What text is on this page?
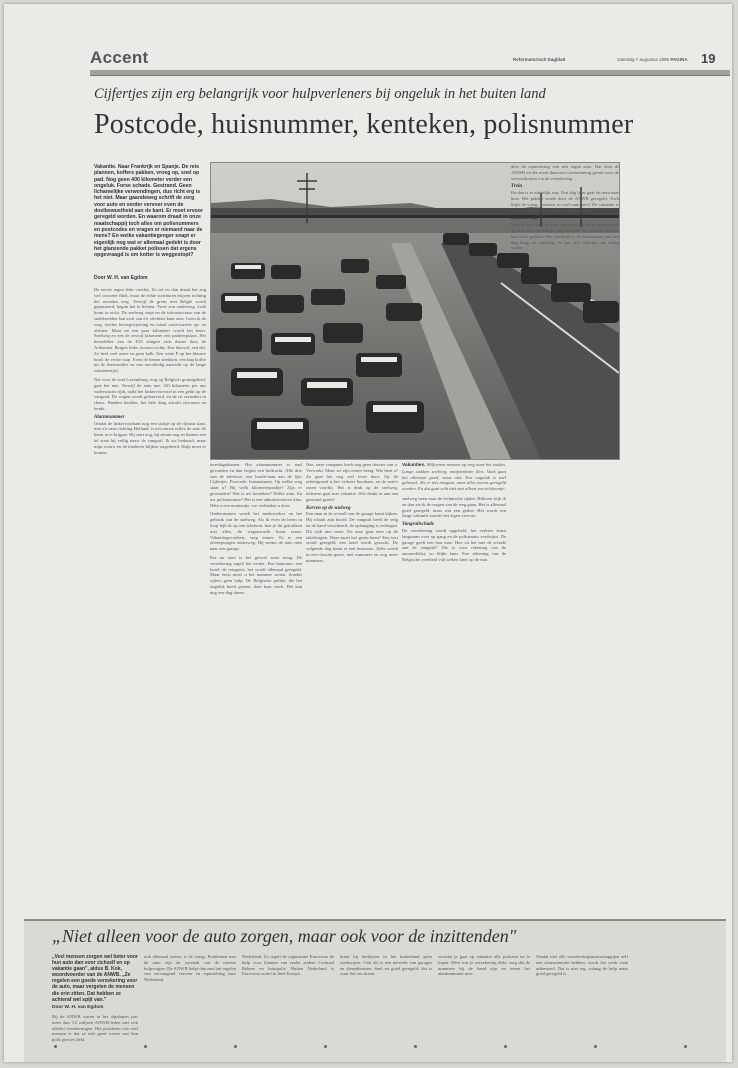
Accent	Reformatorisch Dagblad	zaterdag 7 augustus 1999 PAGINA 19
Cijfertjes zijn erg belangrijk voor hulpverleners bij ongeluk in het buiten land
Postcode, huisnummer, kenteken, polisnummer
Vakantie. Naar Frankrijk en Spanje. De reis plannen, koffers pakken, vroeg op, snel op pad. Nog geen 400 kilometer verder een ongeluk. Forse schade. Gestrand. Geen lichamelijke verwondingen, dus richt erg is het niet. Maar gaandeweg schrift de zorg voor auto en verder vervoer even de doelbewustheid aan de kant. Er moet ervoor geregeld worden. En waarom draait in onze maatschappij toch alles om polisnummers en postcodes en vragen er niemand naar de mens? En welke vakantiegenger snapt er eigenlijk nog wat er allemaal gedekt is door het glanzende pakket polissen dat ergens opgevraagd is om kotter is weggestopt?
Door W. H. van Egdom

De eerste regen liekt voorbij. Zo rol en dan draait het zog wel concrete flink, maar de echte stortbuien drijven richting het noorden weg. Terwijl de grens met België wordt gepasseerd, begint het te lichten. Twee zon onderweg. Luik komt in zicht. De snelweg stopt en de infrastructuur van de stadsbeelden laat zich van z'n slechtste kant zien. Geen ik de weg, slechts bewegwijzering en totaal onverwachte op- en afritten. Maar na een paar kilometer wordt het beter. Snelweg en een de zesvijf kilometer een parkeerplaats. Het hemeldlier van de E25 slingert zich dwars door de Ardennen. Bergen links, bossen rechts. Een huisvol, een dal. Zo heel veel meer en geen balk. Een witte P op het blauwe bord: de eerste stop. Even de benen strekken, een hap koffie uit de thermosfles en een onvolledig aanzicht op de lange vakantierijrij.

Net voor de stad Luxemburg, nog op Belgisch grondgebied, gaat het mis. Terwijl de auto met 120 kilometer per uur vaderwaarts rijdt, raakt het linkervoorwiel in een gebit op de vangrail. De wagen wordt gelanceerd, en de rit verandert in chaos. Banden knallen, het hele ding schuift zijwaarts en bonkt.

Alarmnummer

Omdat de linkervoorkant nog een stukje op de rijbaan staat, met z'n neus richting Holland, is m'n eerste reflex de auto de berm in te krijgen. Hij start nog, hij steunt nog en binnen een tel staat hij veilig naast de vangrail. Ik sta beduusd, maar mijn vrouw en de kinderen blijken ongedeerd. Hulp moet er komen.

terechtgekomen. Het alarmnummer is snel gevonden en dan begint een hoffracht. Alle drie van de telefoon: een hoofd-man aan de lijn. Cijfertjes. Postcode, huisnummer. Op welke weg staat u? Bij welk kilometerpaaltje? Zijn er gewonden? Wat is uw kenteken? Welke auto. En uw polisnummer? Het is een administratieve klus. Hebt u een momentje, we verbinden u door.

Onderonsmen wordt het medewerker en het gebruik van de snelweg. Als ik even de berm in loop kijk ik op een telefoon: ben je dit getrokken met alles, de wegenwacht komt eraan. Vakantiegevoelens, weg ermee. Er is een afsleepwagen onderweg. Hij neemt de auto mee naar een garage.

Pas na uren is het gevoel weer terug. De verzekering regelt het verder. Een huurauto, een hotel, de terugreis, het wordt allemaal geregeld. Maar eerst moet u het nummer weten. Zonder cijfers geen hulp. De Belgische politie, die het ongeluk heeft gezien, doet haar werk. Het kan nog een dag duren.

Nee, onze computer heeft nog geen dossier van u. Verwerkt. Maar we zijn ermee bezig. Wie bent u? Zo gaat het nog wel even door. Op de achtergrond is het verkeer hoorbaar, en de auto's razen voorbij. Het is druk op de snelweg, iedereen gaat met vakantie. Wie denkt er aan een gestrand gezin?

Kerven op de snelweg

Een man in de overall van de garage komt kijken. Hij schudt zijn hoofd. De vangrail heeft de velg en de band verscheurd, de ophanging is verbogen. Dit rijdt niet meer. De auto gaat mee op de takelwagen. Waar moet het gezin heen? Een taxi wordt geregeld, een hotel wordt gezocht. De volgende dag komt er een huurauto. Alles wordt in een dossier gezet, met nummers en nog meer nummers.

Vakanties. Miljoenen mensen op weg naar het zuiden. Lange stukken snelweg, onafzienbare files. Vaak gaat het allemaal goed, soms niet. Een ongeluk is snel gebeurd. Als er iets misgaat, moet alles ineens geregeld worden. En dat gaat echt niet met alleen een telefoontje.

snelweg heen naar de technische rijden. Blikvast kijk ik en dan zie ik de wagen van de weg gaan. Het is allemaal goed geregeld, maar wat een gedoe. Het wordt een lange vakantie zonder het eigen vervoer.

Vangrailschade

De verzekering wordt opgebeld, het verkeer komt langzaam over op gang en de politieauto verdwijnt. De garage geeft een bon mee. Hoe zit het met de schade aan de vangrail? Die is voor rekening van de automobilist, zo blijkt later. Een rekening van de Belgische overheid valt weken later op de mat.

dere de repatriëring van m'n eigen auto. Dat doet de ANWB en die moet daarvoor toestemming geven voor de vervoerkosten via de verzekering.

Trein

En dan is er eindelijk rust. Een dag later gaat de trein naar huis. Het pakket wordt door de ANWB geregeld. Toch blijft de vraag: waarom zo veel nummers? De vakantie is voorbij voordat hij goed en wel begonnen is.

Repatriëring

Weken later staat de auto weer voor de deur, gerepareerd en wel. De rekeningen zijn betaald, de polissen hebben hun werk gedaan. Wat overblijft is de herinnering aan een dag langs de snelweg, en aan alle cijfertjes die nodig waren.

„Niet alleen voor de auto zorgen, maar ook voor de inzittenden"
„Veel mensen zorgen wel beter voor hun auto dan voor zichzelf en op vakantie gaan", aldus B. Kok, woordvoerder van de ANWB. „Ze regelen een goede verzekering voor de auto, maar vergeten de mensen die erin zitten. Dat hebben ze achteraf wel spijt van."
Door W. H. van Egdom
Bij de ANWB waren in het afgelopen jaar meer dan 3,5 miljoen ANWB-leden met ook allerlei verzekeringen. Het probleem van veel mensen is dat ze niet goed weten wat hun polis precies dekt.
ook allemaal weten, is de vraag. Problemen met de auto zijn de oorzaak van de meeste hulpvragen. De ANWB helpt dan met het regelen van vervangend vervoer en repatriëring naar Nederland.
Nederland. Zo regelt de organisatie Eurocross de hulp voor klanten van onder andere Centraal Beheer en Interpolis. Buiten Nederland is Eurocross actief in heel Europa.
krent bij bedrijven in het buitenland geen werkwijzer. Ook dit is een netwerk van garages en sleepdiensten. Snel en goed geregeld: dat is waar het om draait.
voordat je gaat op vakantie alle polissen na te lopen. Weet wat je verzekering dekt, zorg dat de nummers bij de hand zijn en neem het alarmnummer mee.
Omdat niet alle verzekeringsmaatschappijen zelf een alarmcentrale hebben, wordt het werk vaak uitbesteed. Dat is niet erg, zolang de hulp maar goed geregeld is.
